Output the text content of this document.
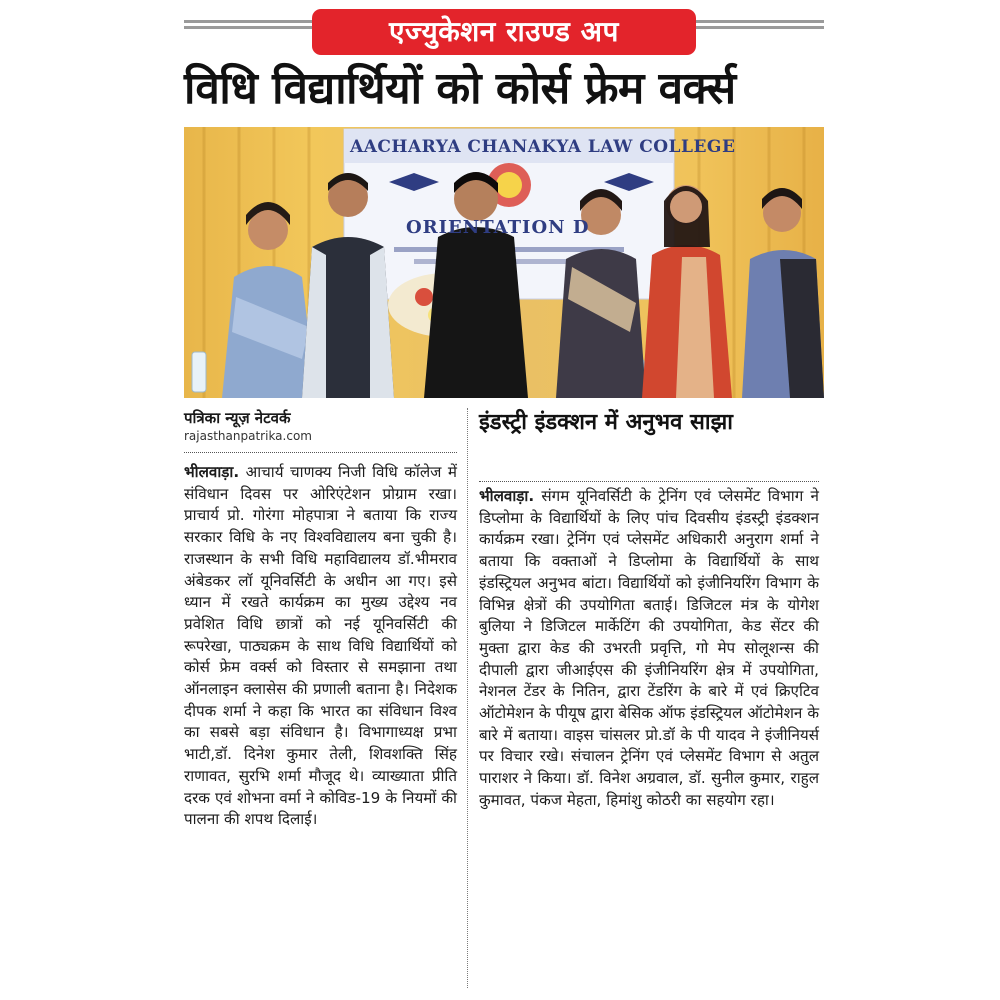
एज्युकेशन राउण्ड अप
विधि विद्यार्थियों को कोर्स फ्रेम वर्क्स
AACHARYA CHANAKYA LAW COLLEGE
ORIENTATION D
पत्रिका न्यूज़ नेटवर्क
rajasthanpatrika.com
भीलवाड़ा. आचार्य चाणक्य निजी विधि कॉलेज में संविधान दिवस पर ओरिएंटेशन प्रोग्राम रखा। प्राचार्य प्रो. गोरंगा मोहपात्रा ने बताया कि राज्य सरकार विधि के नए विश्वविद्यालय बना चुकी है। राजस्थान के सभी विधि महाविद्यालय डॉ.भीमराव अंबेडकर लॉ यूनिवर्सिटी के अधीन आ गए। इसे ध्यान में रखते कार्यक्रम का मुख्य उद्देश्य नव प्रवेशित विधि छात्रों को नई यूनिवर्सिटी की रूपरेखा, पाठ्यक्रम के साथ विधि विद्यार्थियों को कोर्स फ्रेम वर्क्स को विस्तार से समझाना तथा ऑनलाइन क्लासेस की प्रणाली बताना है। निदेशक दीपक शर्मा ने कहा कि भारत का संविधान विश्व का सबसे बड़ा संविधान है। विभागाध्यक्ष प्रभा भाटी,डॉ. दिनेश कुमार तेली, शिवशक्ति सिंह राणावत, सुरभि शर्मा मौजूद थे। व्याख्याता प्रीति दरक एवं शोभना वर्मा ने कोविड-19 के नियमों की पालना की शपथ दिलाई।
इंडस्ट्री इंडक्शन में अनुभव साझा
भीलवाड़ा. संगम यूनिवर्सिटी के ट्रेनिंग एवं प्लेसमेंट विभाग ने डिप्लोमा के विद्यार्थियों के लिए पांच दिवसीय इंडस्ट्री इंडक्शन कार्यक्रम रखा। ट्रेनिंग एवं प्लेसमेंट अधिकारी अनुराग शर्मा ने बताया कि वक्ताओं ने डिप्लोमा के विद्यार्थियों के साथ इंडस्ट्रियल अनुभव बांटा। विद्यार्थियों को इंजीनियरिंग विभाग के विभिन्न क्षेत्रों की उपयोगिता बताई। डिजिटल मंत्र के योगेश बुलिया ने डिजिटल मार्केटिंग की उपयोगिता, केड सेंटर की मुक्ता द्वारा केड की उभरती प्रवृत्ति, गो मेप सोलूशन्स की दीपाली द्वारा जीआईएस की इंजीनियरिंग क्षेत्र में उपयोगिता, नेशनल टेंडर के नितिन, द्वारा टेंडरिंग के बारे में एवं क्रिएटिव ऑटोमेशन के पीयूष द्वारा बेसिक ऑफ इंडस्ट्रियल ऑटोमेशन के बारे में बताया। वाइस चांसलर प्रो.डॉ के पी यादव ने इंजीनियर्स पर विचार रखे। संचालन ट्रेनिंग एवं प्लेसमेंट विभाग से अतुल पाराशर ने किया। डॉ. विनेश अग्रवाल, डॉ. सुनील कुमार, राहुल कुमावत, पंकज मेहता, हिमांशु कोठरी का सहयोग रहा।
